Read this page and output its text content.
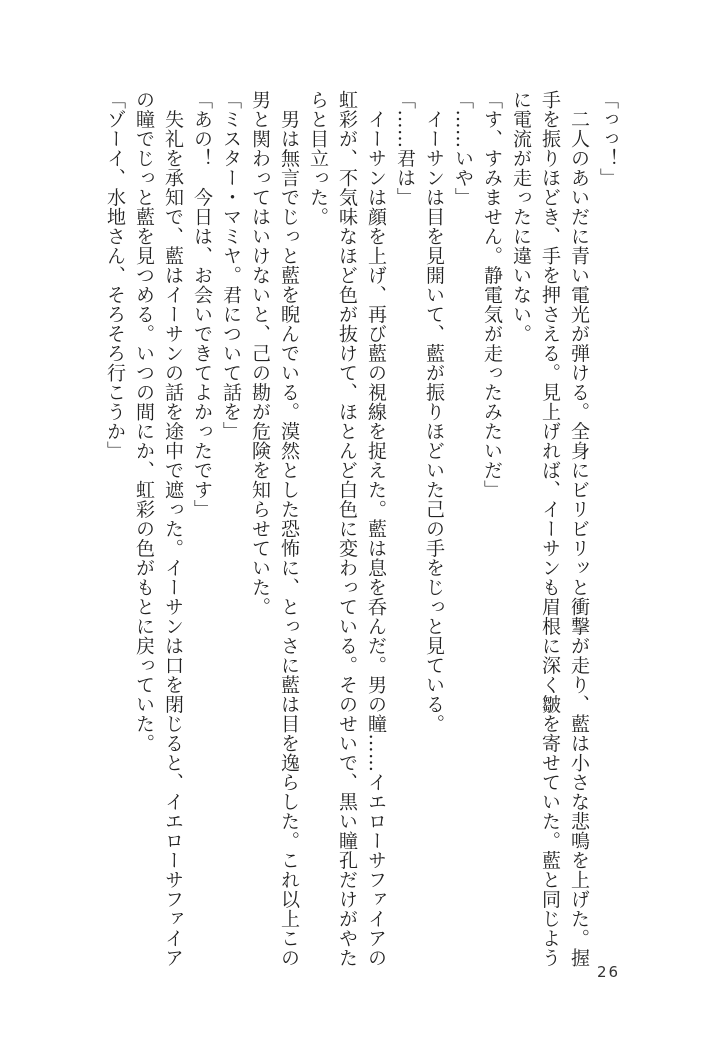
「っっ！」
　二人のあいだに青い電光が弾ける。全身にビリビリッと衝撃が走り、藍は小さな悲鳴を上げた。握
手を振りほどき、手を押さえる。見上げれば、イーサンも眉根に深く皺を寄せていた。藍と同じよう
に電流が走ったに違いない。
「す、すみません。静電気が走ったみたいだ」
「……いや」
　イーサンは目を見開いて、藍が振りほどいた己の手をじっと見ている。
「……君は」
　イーサンは顔を上げ、再び藍の視線を捉えた。藍は息を呑んだ。男の瞳……イエローサファイアの
虹彩が、不気味なほど色が抜けて、ほとんど白色に変わっている。そのせいで、黒い瞳孔だけがやた
らと目立った。
　男は無言でじっと藍を睨んでいる。漠然とした恐怖に、とっさに藍は目を逸らした。これ以上この
男と関わってはいけないと、己の勘が危険を知らせていた。
「ミスター・マミヤ。君について話を」
「あの！　今日は、お会いできてよかったです」
　失礼を承知で、藍はイーサンの話を途中で遮った。イーサンは口を閉じると、イエローサファイア
の瞳でじっと藍を見つめる。いつの間にか、虹彩の色がもとに戻っていた。
「ゾーイ、水地さん、そろそろ行こうか」
26
